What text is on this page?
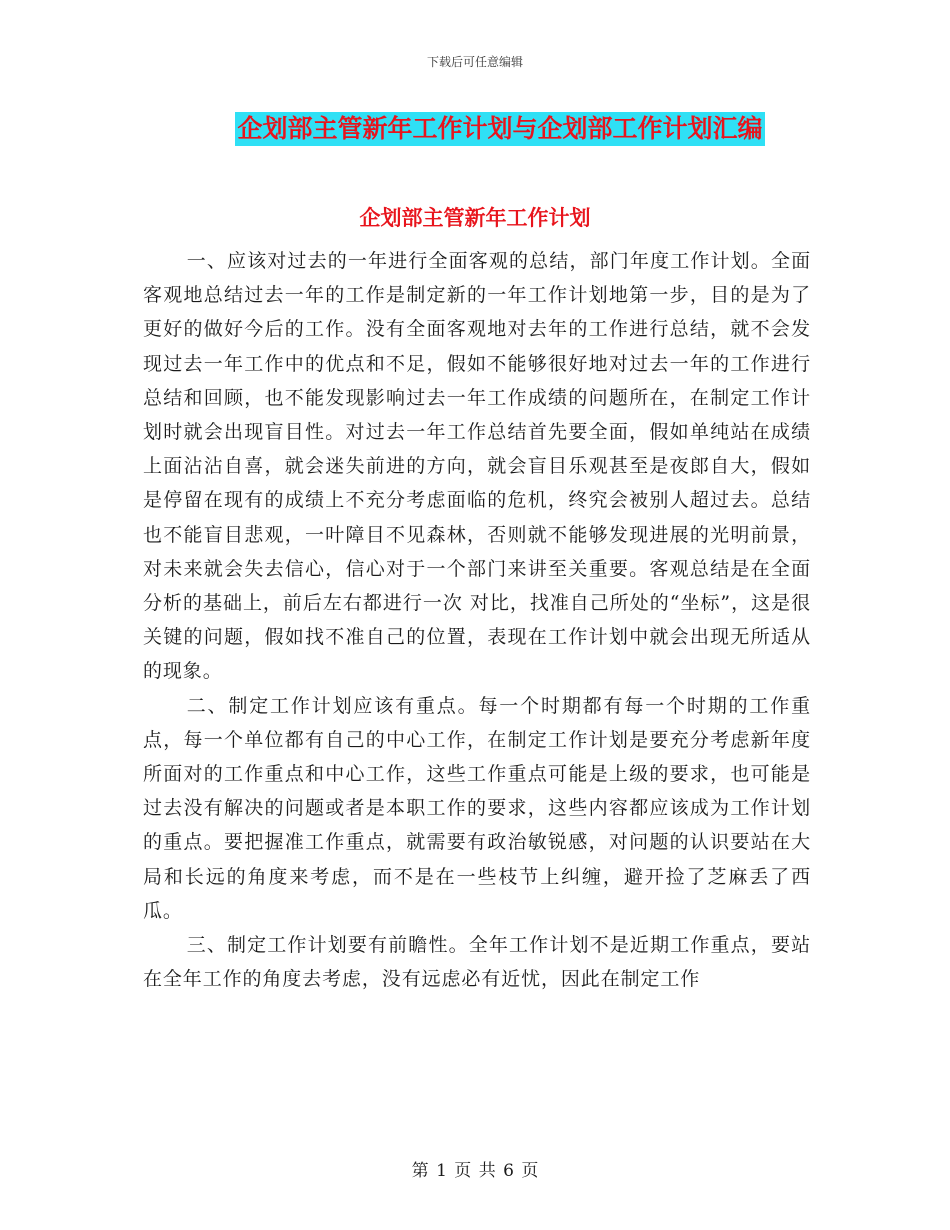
下载后可任意编辑
企划部主管新年工作计划与企划部工作计划汇编
企划部主管新年工作计划

一、应该对过去的一年进行全面客观的总结，部门年度工作计划。全面客观地总结过去一年的工作是制定新的一年工作计划地第一步，目的是为了更好的做好今后的工作。没有全面客观地对去年的工作进行总结，就不会发现过去一年工作中的优点和不足，假如不能够很好地对过去一年的工作进行总结和回顾，也不能发现影响过去一年工作成绩的问题所在，在制定工作计划时就会出现盲目性。对过去一年工作总结首先要全面，假如单纯站在成绩上面沾沾自喜，就会迷失前进的方向，就会盲目乐观甚至是夜郎自大，假如是停留在现有的成绩上不充分考虑面临的危机，终究会被别人超过去。总结也不能盲目悲观，一叶障目不见森林，否则就不能够发现进展的光明前景，对未来就会失去信心，信心对于一个部门来讲至关重要。客观总结是在全面分析的基础上，前后左右都进行一次 对比，找准自己所处的“坐标”，这是很关键的问题，假如找不准自己的位置，表现在工作计划中就会出现无所适从的现象。

二、制定工作计划应该有重点。每一个时期都有每一个时期的工作重点，每一个单位都有自己的中心工作，在制定工作计划是要充分考虑新年度所面对的工作重点和中心工作，这些工作重点可能是上级的要求，也可能是过去没有解决的问题或者是本职工作的要求，这些内容都应该成为工作计划的重点。要把握准工作重点，就需要有政治敏锐感，对问题的认识要站在大局和长远的角度来考虑，而不是在一些枝节上纠缠，避开捡了芝麻丢了西瓜。

三、制定工作计划要有前瞻性。全年工作计划不是近期工作重点，要站在全年工作的角度去考虑，没有远虑必有近忧，因此在制定工作

第 1 页 共 6 页
